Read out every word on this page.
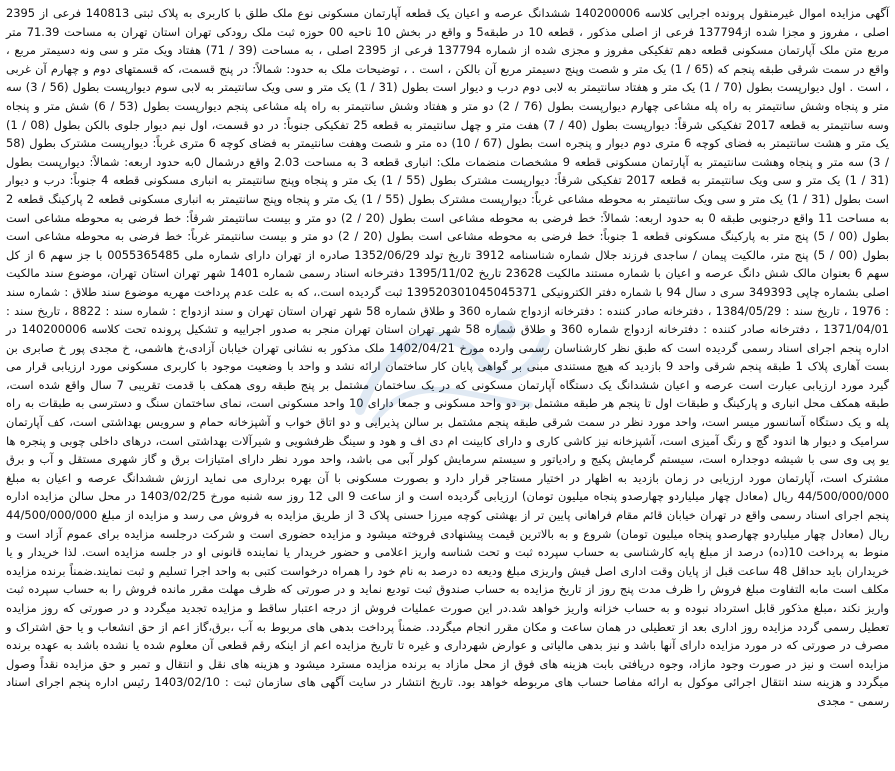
آگهی مزایده اموال غیرمنقول پرونده اجرایی کلاسه 140200006 ششدانگ عرصه و اعیان یک قطعه آپارتمان مسکونی نوع ملک طلق با کاربری به پلاک ثبتی 140813 فرعی از 2395 اصلی ، مفروز و مجزا شده از137794 فرعی از اصلی مذکور ، قطعه 10 در طبقه5 و واقع در بخش 10 ناحیه 00 حوزه ثبت ملک رودکی تهران استان تهران به مساحت 71.39 متر مربع متن ملک آپارتمان مسکونی قطعه دهم تفکیکی مفروز و مجزی شده از شماره 137794 فرعی از 2395 اصلی ، به مساحت (39 / 71) هفتاد ویک متر و سی ونه دسیمتر مربع ، واقع در سمت شرقی طبقه پنجم که (65 / 1) یک متر و شصت وپنج دسیمتر مربع آن بالکن ، است . ، توضیحات ملک به حدود: شمالاً: در پنج قسمت، که قسمتهای دوم و چهارم آن غربی ، است . اول دیوارپست بطول (70 / 1) یک متر و هفتاد سانتیمتر به لابی دوم درب و دیوار است بطول (31 / 1) یک متر و سی ویک سانتیمتر به لابی سوم دیوارپست بطول (56 / 3) سه متر و پنجاه وشش سانتیمتر به راه پله مشاعی چهارم دیوارپست بطول (76 / 2) دو متر و هفتاد وشش سانتیمتر به راه پله مشاعی پنجم دیوارپست بطول (53 / 6) شش متر و پنجاه وسه سانتیمتر به قطعه 2017 تفکیکی شرقاً: دیوارپست بطول (40 / 7) هفت متر و چهل سانتیمتر به قطعه 25 تفکیکی جنوباً: در دو قسمت، اول نیم دیوار جلوی بالکن بطول (08 / 1) یک متر و هشت سانتیمتر به فضای کوچه 6 متری دوم دیوار و پنجره است بطول (67 / 10) ده متر و شصت وهفت سانتیمتر به فضای کوچه 6 متری غرباً: دیوارپست مشترک بطول (58 / 3) سه متر و پنجاه وهشت سانتیمتر به آپارتمان مسکونی قطعه 9 مشخصات منضمات ملک: انباری قطعه 3 به مساحت 2.03 واقع درشمال 0به حدود اربعه: شمالاً: دیوارپست بطول (31 / 1) یک متر و سی ویک سانتیمتر به قطعه 2017 تفکیکی شرقاً: دیوارپست مشترک بطول (55 / 1) یک متر و پنجاه وپنج سانتیمتر به انباری مسکونی قطعه 4 جنوباً: درب و دیوار است بطول (31 / 1) یک متر و سی ویک سانتیمتر به محوطه مشاعی غرباً: دیوارپست مشترک بطول (55 / 1) یک متر و پنجاه وپنج سانتیمتر به انباری مسکونی قطعه 2 پارکینگ قطعه 2 به مساحت 11 واقع درجنوبی طبقه 0 به حدود اربعه: شمالاً: خط فرضی به محوطه مشاعی است بطول (20 / 2) دو متر و بیست سانتیمتر شرقاً: خط فرضی به محوطه مشاعی است بطول (00 / 5) پنج متر به پارکینگ مسکونی قطعه 1 جنوباً: خط فرضی به محوطه مشاعی است بطول (20 / 2) دو متر و بیست سانتیمتر غرباً: خط فرضی به محوطه مشاعی است بطول (00 / 5) پنج متر، مالکیت پیمان / ساجدی فرزند جلال شماره شناسنامه 3912 تاریخ تولد 1352/06/29 صادره از تهران دارای شماره ملی 0055365485 با جز سهم 6 از کل سهم 6 بعنوان مالک شش دانگ عرصه و اعیان با شماره مستند مالکیت 23628 تاریخ 1395/11/02 دفترخانه اسناد رسمی شماره 1401 شهر تهران استان تهران، موضوع سند مالکیت اصلی بشماره چاپی 349393 سری د سال 94 با شماره دفتر الکترونیکی 139520301045045371 ثبت گردیده است.، که به علت عدم پرداخت مهریه موضوع سند طلاق : شماره سند : 1976 ، تاریخ سند : 1384/05/29 ، دفترخانه صادر کننده : دفترخانه ازدواج شماره 360 و طلاق شماره 58 شهر تهران استان تهران و سند ازدواج : شماره سند : 8822 ، تاریخ سند : 1371/04/01 ، دفترخانه صادر کننده : دفترخانه ازدواج شماره 360 و طلاق شماره 58 شهر تهران استان تهران منجر به صدور اجراییه و تشکیل پرونده تحت کلاسه 140200006 در اداره پنجم اجرای اسناد رسمی گردیده است که طبق نظر کارشناسان رسمی وارده مورخ 1402/04/21 ملک مذکور به نشانی تهران خیابان آزادی،خ هاشمی، خ مجدی پور خ صابری بن بست آهاری پلاک 1 طبقه پنجم شرقی واحد 9 بازدید که هیچ مستندی مبنی بر گواهی پایان کار ساختمان ارائه نشد و واحد با وضعیت موجود با کاربری مسکونی مورد ارزیابی قرار می گیرد مورد ارزیابی عبارت است عرصه و اعیان ششدانگ یک دستگاه آپارتمان مسکونی که در یک ساختمان مشتمل بر پنج طبقه روی همکف با قدمت تقریبی 7 سال واقع شده است، طبقه همکف محل انباری و پارکینگ و طبقات اول تا پنجم هر طبقه مشتمل بر دو واحد مسکونی و جمعا دارای 10 واحد مسکونی است، نمای ساختمان سنگ و دسترسی به طبقات به راه پله و یک دستگاه آسانسور میسر است، واحد مورد نظر در سمت شرقی طبقه پنجم مشتمل بر سالن پذیرایی و دو اتاق خواب و آشپزخانه حمام و سرویس بهداشتی است، کف آپارتمان سرامیک و دیوار ها اندود گچ و رنگ آمیزی است، آشپزخانه نیز کاشی کاری و دارای کابینت ام دی اف و هود و سینگ ظرفشویی و شیرآلات بهداشتی است، درهای داخلی چوبی و پنجره ها یو پی وی سی با شیشه دوجداره است، سیستم گرمایش پکیج و رادیاتور و سیستم سرمایش کولر آبی می باشد، واحد مورد نظر دارای امتیازات برق و گاز شهری مستقل و آب و برق مشترک است، آپارتمان مورد ارزیابی در زمان بازدید به اظهار در اختیار مستاجر قرار دارد و بصورت مسکونی با آن بهره برداری می نماید ارزش ششدانگ عرصه و اعیان به مبلغ 44/500/000/000 ریال (معادل چهار میلیاردو چهارصدو پنجاه میلیون تومان) ارزیابی گردیده است و از ساعت 9 الی 12 روز سه شنبه مورخ 1403/02/25 در محل سالن مزایده اداره پنجم اجرای اسناد رسمی واقع در تهران خیابان قائم مقام فراهانی پایین تر از بهشتی کوچه میرزا حسنی پلاک 3 از طریق مزایده به فروش می رسد و مزایده از مبلغ 44/500/000/000 ریال (معادل چهار میلیاردو چهارصدو پنجاه میلیون تومان) شروع و به بالاترین قیمت پیشنهادی فروخته میشود و مزایده حضوری است و شرکت درجلسه مزایده برای عموم آزاد است و منوط به پرداخت 10(ده) درصد از مبلغ پایه کارشناسی به حساب سپرده ثبت و تحت شناسه واریز اعلامی و حضور خریدار یا نماینده قانونی او در جلسه مزایده است. لذا خریدار و یا خریداران باید حداقل 48 ساعت قبل از پایان وقت اداری اصل فیش واریزی مبلغ ودیعه ده درصد به نام خود را همراه درخواست کتبی به واحد اجرا تسلیم و ثبت نمایند.ضمناً برنده مزایده مکلف است مابه التفاوت مبلغ فروش را ظرف مدت پنج روز از تاریخ مزایده به حساب صندوق ثبت تودیع نماید و در صورتی که ظرف مهلت مقرر مانده فروش را به حساب سپرده ثبت واریز نکند ،مبلغ مذکور قابل استرداد نبوده و به حساب خزانه واریز خواهد شد.در این صورت عملیات فروش از درجه اعتبار ساقط و مزایده تجدید میگردد و در صورتی که روز مزایده تعطیل رسمی گردد مزایده روز اداری بعد از تعطیلی در همان ساعت و مکان مقرر انجام میگردد. ضمناً پرداخت بدهی های مربوط به آب ،برق،گاز اعم از حق انشعاب و یا حق اشتراک و مصرف در صورتی که در مورد مزایده دارای آنها باشد و نیز بدهی مالیاتی و عوارض شهرداری و غیره تا تاریخ مزایده اعم از اینکه رقم قطعی آن معلوم شده یا نشده باشد به عهده برنده مزایده است و نیز در صورت وجود مازاد، وجوه دریافتی بابت هزینه های فوق از محل مازاد به برنده مزایده مسترد میشود و هزینه های نقل و انتقال و تمبر و حق مزایده نقداً وصول میگردد و هزینه سند انتقال اجرائی موکول به ارائه مفاصا حساب های مربوطه خواهد بود. تاریخ انتشار در سایت آگهی های سازمان ثبت : 1403/02/10 رئیس اداره پنجم اجرای اسناد رسمی - مجدی
